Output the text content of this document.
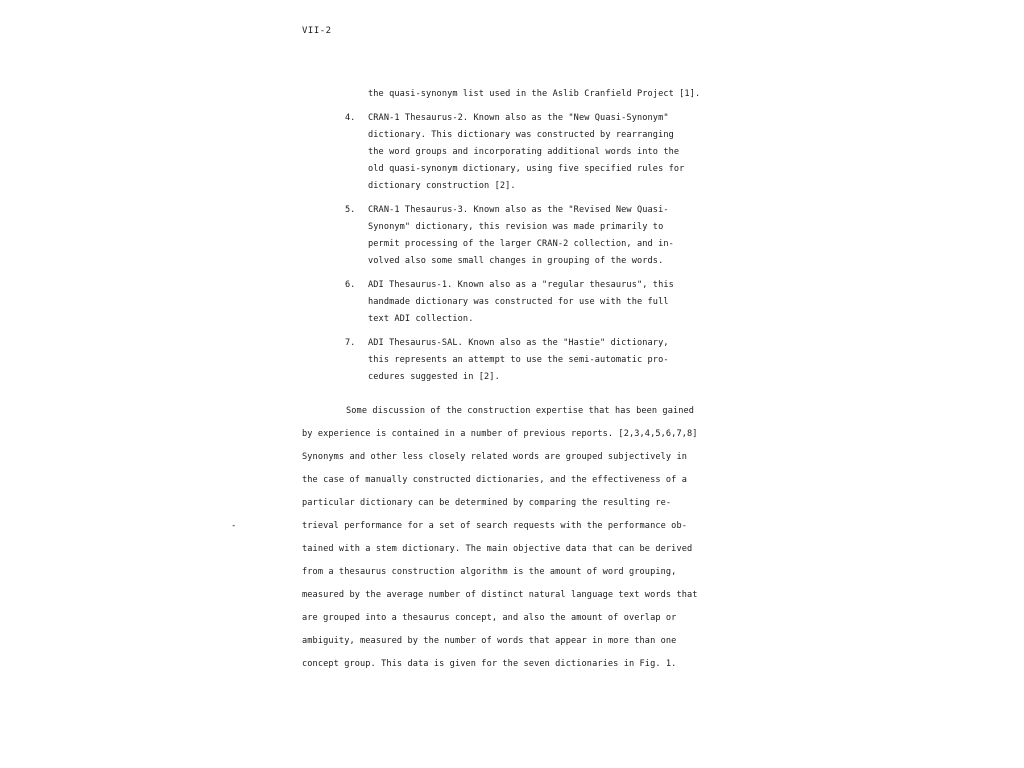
VII-2
the quasi-synonym list used in the Aslib Cranfield Project [1].
4. CRAN-1 Thesaurus-2. Known also as the "New Quasi-Synonym"
dictionary. This dictionary was constructed by rearranging
the word groups and incorporating additional words into the
old quasi-synonym dictionary, using five specified rules for
dictionary construction [2].
5. CRAN-1 Thesaurus-3. Known also as the "Revised New Quasi-
Synonym" dictionary, this revision was made primarily to
permit processing of the larger CRAN-2 collection, and in-
volved also some small changes in grouping of the words.
6. ADI Thesaurus-1. Known also as a "regular thesaurus", this
handmade dictionary was constructed for use with the full
text ADI collection.
7. ADI Thesaurus-SAL. Known also as the "Hastie" dictionary,
this represents an attempt to use the semi-automatic pro-
cedures suggested in [2].
Some discussion of the construction expertise that has been gained
by experience is contained in a number of previous reports. [2,3,4,5,6,7,8]
Synonyms and other less closely related words are grouped subjectively in
the case of manually constructed dictionaries, and the effectiveness of a
particular dictionary can be determined by comparing the resulting re-
trieval performance for a set of search requests with the performance ob-
tained with a stem dictionary. The main objective data that can be derived
from a thesaurus construction algorithm is the amount of word grouping,
measured by the average number of distinct natural language text words that
are grouped into a thesaurus concept, and also the amount of overlap or
ambiguity, measured by the number of words that appear in more than one
concept group. This data is given for the seven dictionaries in Fig. 1.
-
